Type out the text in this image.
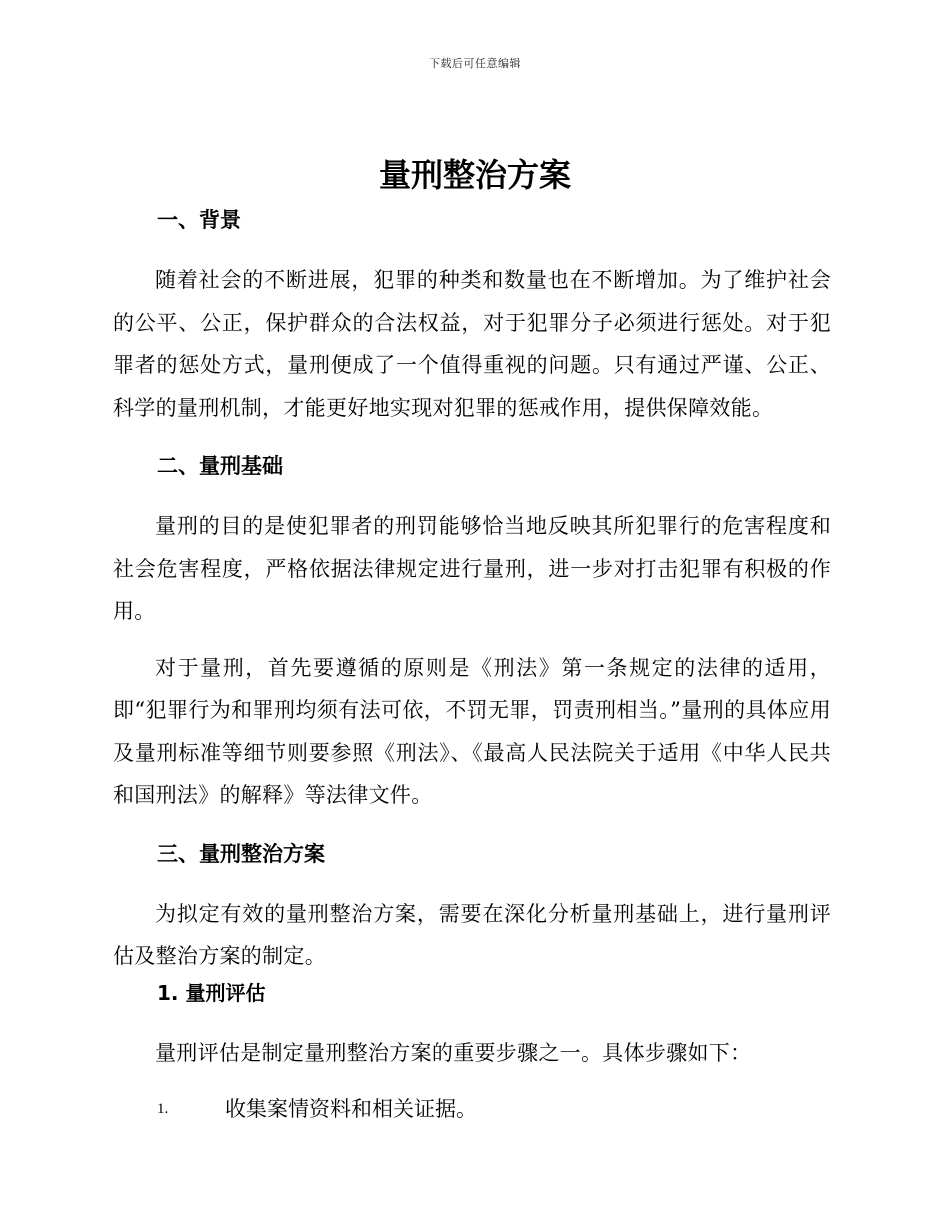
下载后可任意编辑
量刑整治方案
一、背景

随着社会的不断进展，犯罪的种类和数量也在不断增加。为了维护社会的公平、公正，保护群众的合法权益，对于犯罪分子必须进行惩处。对于犯罪者的惩处方式，量刑便成了一个值得重视的问题。只有通过严谨、公正、科学的量刑机制，才能更好地实现对犯罪的惩戒作用，提供保障效能。

二、量刑基础

量刑的目的是使犯罪者的刑罚能够恰当地反映其所犯罪行的危害程度和社会危害程度，严格依据法律规定进行量刑，进一步对打击犯罪有积极的作用。

对于量刑，首先要遵循的原则是《刑法》第一条规定的法律的适用，即“犯罪行为和罪刑均须有法可依，不罚无罪，罚责刑相当。”量刑的具体应用及量刑标准等细节则要参照《刑法》、《最高人民法院关于适用《中华人民共和国刑法》的解释》等法律文件。

三、量刑整治方案

为拟定有效的量刑整治方案，需要在深化分析量刑基础上，进行量刑评估及整治方案的制定。

1. 量刑评估

量刑评估是制定量刑整治方案的重要步骤之一。具体步骤如下：

1.	收集案情资料和相关证据。
